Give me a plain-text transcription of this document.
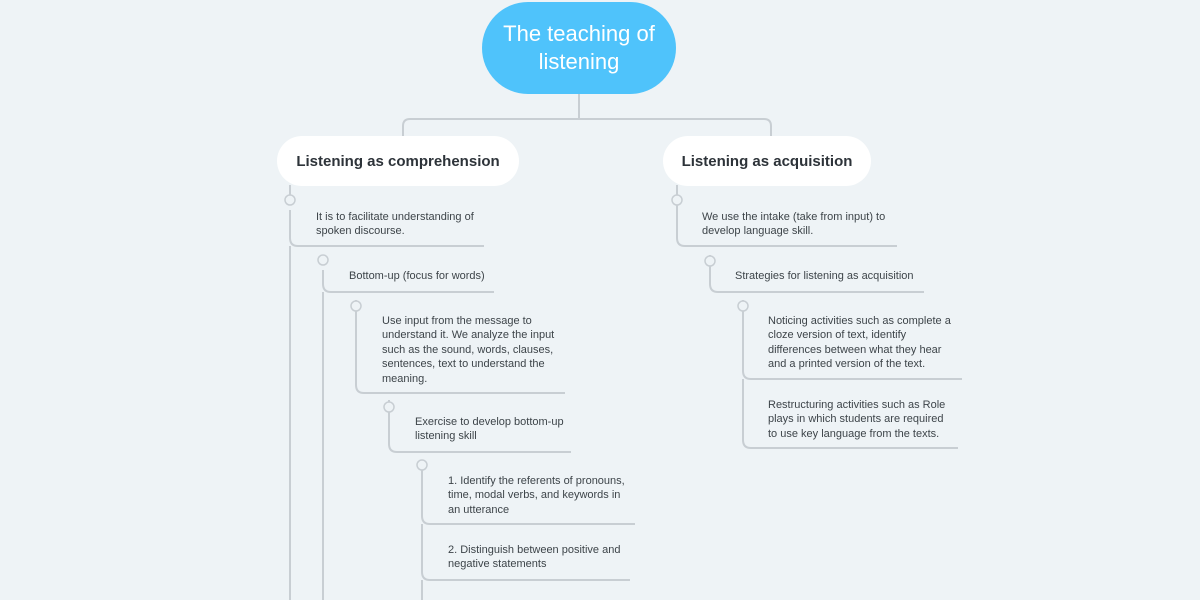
The teaching of listening
Listening as comprehension	Listening as acquisition
It is to facilitate understanding of spoken discourse.
Bottom-up (focus for words)
Use input from the message to understand it. We analyze the input such as the sound, words, clauses, sentences, text to understand the meaning.
Exercise to develop bottom-up listening skill
1. Identify the referents of pronouns, time, modal verbs, and keywords in an utterance
2. Distinguish between positive and negative statements
We use the intake (take from input) to develop language skill.
Strategies for listening as acquisition
Noticing activities such as complete a cloze version of text, identify differences between what they hear and a printed version of the text.
Restructuring activities such as Role plays in which students are required to use key language from the texts.
